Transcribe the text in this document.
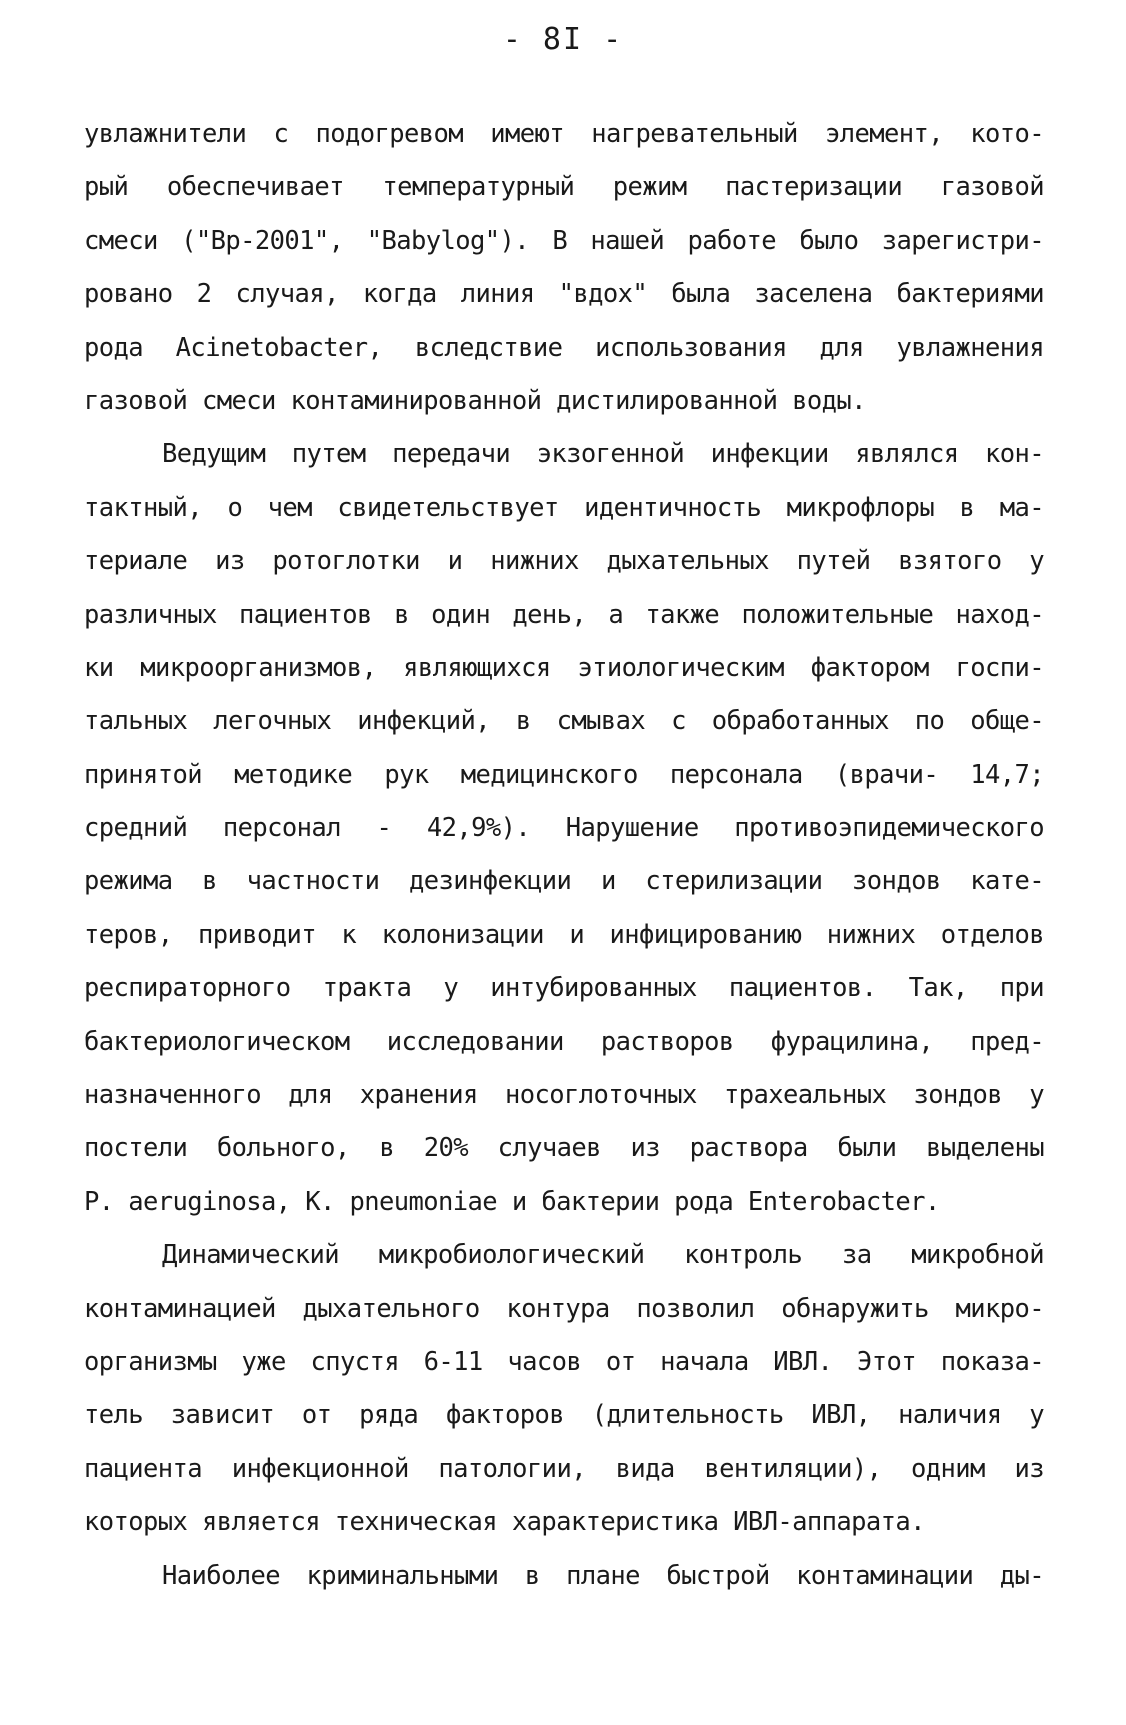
- 8I -
увлажнители с подогревом имеют нагревательный элемент, кото-
рый обеспечивает температурный режим пастеризации газовой
смеси ("Вр-2001", "Babylog"). В нашей работе было зарегистри-
ровано 2 случая, когда линия "вдох" была заселена бактериями
рода Acinetobacter, вследствие использования для увлажнения
газовой смеси контаминированной дистилированной воды.
Ведущим путем передачи экзогенной инфекции являлся кон-
тактный, о чем свидетельствует идентичность микрофлоры в ма-
териале из ротоглотки и нижних дыхательных путей взятого у
различных пациентов в один день, а также положительные наход-
ки микроорганизмов, являющихся этиологическим фактором госпи-
тальных легочных инфекций, в смывах с обработанных по обще-
принятой методике рук медицинского персонала (врачи- 14,7;
средний персонал - 42,9%). Нарушение противоэпидемического
режима в частности дезинфекции и стерилизации зондов кате-
теров, приводит к колонизации и инфицированию нижних отделов
респираторного тракта у интубированных пациентов. Так, при
бактериологическом исследовании растворов фурацилина, пред-
назначенного для хранения носоглоточных трахеальных зондов у
постели больного, в 20% случаев из раствора были выделены
P. aeruginosa, K. pneumoniae и бактерии рода Enterobacter.
Динамический микробиологический контроль за микробной
контаминацией дыхательного контура позволил обнаружить микро-
организмы уже спустя 6-11 часов от начала ИВЛ. Этот показа-
тель зависит от ряда факторов (длительность ИВЛ, наличия у
пациента инфекционной патологии, вида вентиляции), одним из
которых является техническая характеристика ИВЛ-аппарата.
Наиболее криминальными в плане быстрой контаминации ды-
